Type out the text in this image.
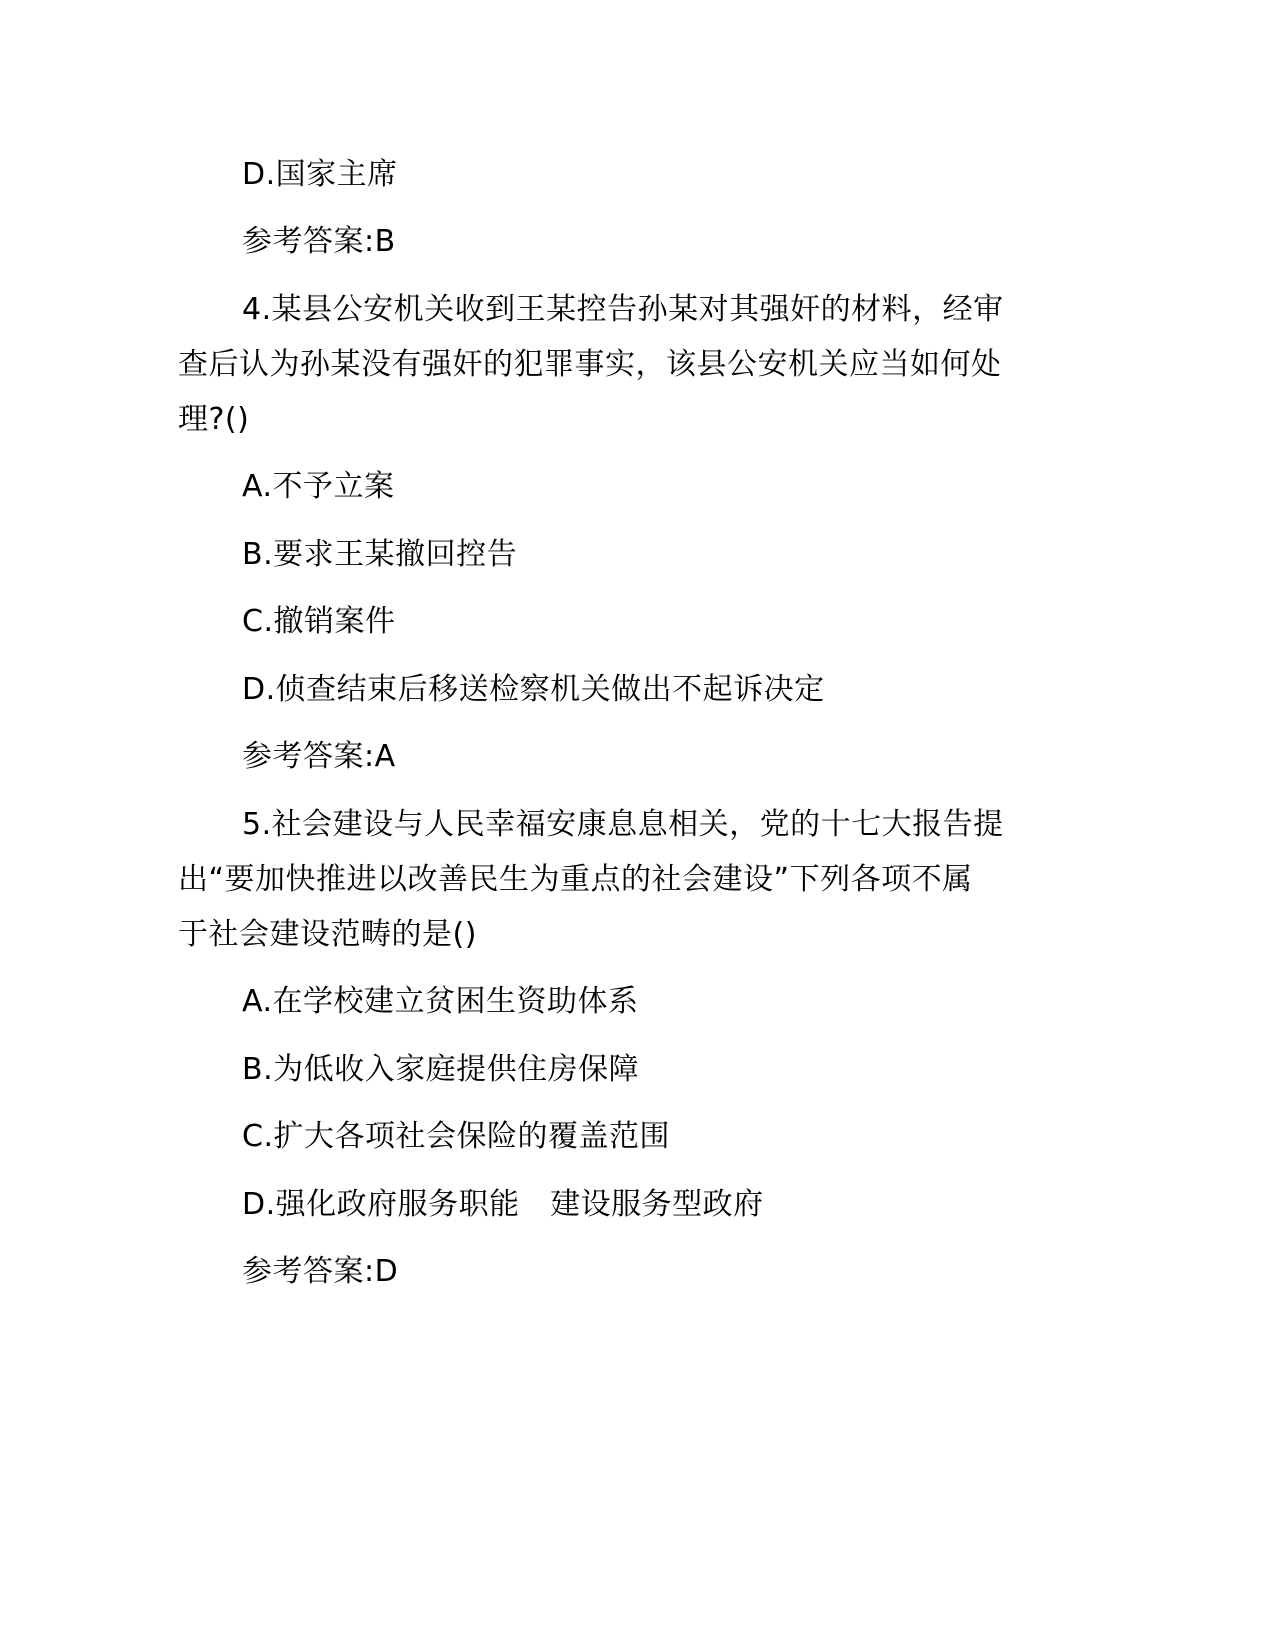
D.国家主席

参考答案:B

4.某县公安机关收到王某控告孙某对其强奸的材料，经审

查后认为孙某没有强奸的犯罪事实，该县公安机关应当如何处

理?()

A.不予立案

B.要求王某撤回控告

C.撤销案件

D.侦查结束后移送检察机关做出不起诉决定

参考答案:A

5.社会建设与人民幸福安康息息相关，党的十七大报告提

出“要加快推进以改善民生为重点的社会建设”下列各项不属

于社会建设范畴的是()

A.在学校建立贫困生资助体系

B.为低收入家庭提供住房保障

C.扩大各项社会保险的覆盖范围

D.强化政府服务职能　建设服务型政府

参考答案:D
